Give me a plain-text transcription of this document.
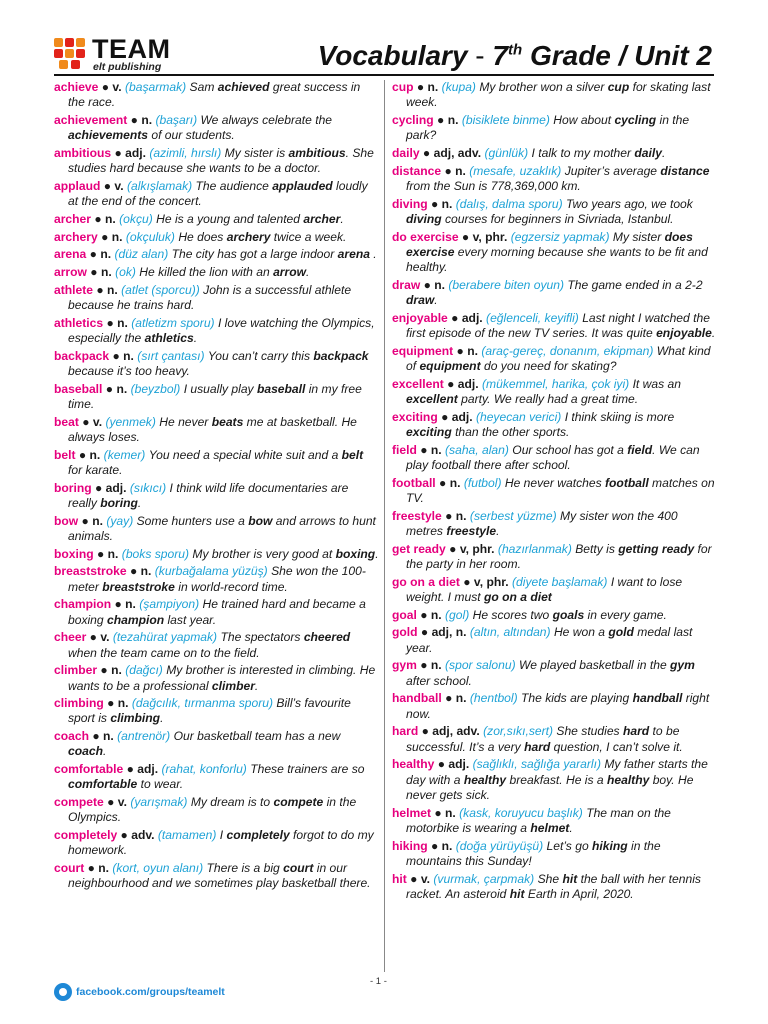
TEAM
elt publishing	Vocabulary - 7th Grade / Unit 2
achieve ● v. (başarmak) Sam achieved great success in the race.
achievement ● n. (başarı) We always celebrate the achievements of our students.
ambitious ● adj. (azimli, hırslı) My sister is ambitious. She studies hard because she wants to be a doctor.
applaud ● v. (alkışlamak) The audience applauded loudly at the end of the concert.
archer ● n. (okçu) He is a young and talented archer.
archery ● n. (okçuluk) He does archery twice a week.
arena ● n. (düz alan) The city has got a large indoor arena .
arrow ● n. (ok) He killed the lion with an arrow.
athlete ● n. (atlet (sporcu)) John is a successful athlete because he trains hard.
athletics ● n. (atletizm sporu) I love watching the Olympics, especially the athletics.
backpack ● n. (sırt çantası) You can’t carry this backpack because it’s too heavy.
baseball ● n. (beyzbol) I usually play baseball in my free time.
beat ● v. (yenmek) He never beats me at basketball. He always loses.
belt ● n. (kemer) You need a special white suit and a belt for karate.
boring ● adj. (sıkıcı) I think wild life documentaries are really boring.
bow ● n. (yay) Some hunters use a bow and arrows to hunt animals.
boxing ● n. (boks sporu) My brother is very good at boxing.
breaststroke ● n. (kurbağalama yüzüş) She won the 100-meter breaststroke in world-record time.
champion ● n. (şampiyon) He trained hard and became a boxing champion last year.
cheer ● v. (tezahürat yapmak) The spectators cheered when the team came on to the field.
climber ● n. (dağcı) My brother is interested in climbing. He wants to be a professional climber.
climbing ● n. (dağcılık, tırmanma sporu) Bill’s favourite sport is climbing.
coach ● n. (antrenör) Our basketball team has a new coach.
comfortable ● adj. (rahat, konforlu) These trainers are so comfortable to wear.
compete ● v. (yarışmak) My dream is to compete in the Olympics.
completely ● adv. (tamamen) I completely forgot to do my homework.
court ● n. (kort, oyun alanı) There is a big court in our neighbourhood and we sometimes play basketball there.
cup ● n. (kupa) My brother won a silver cup for skating last week.
cycling ● n. (bisiklete binme) How about cycling in the park?
daily ● adj, adv. (günlük) I talk to my mother daily.
distance ● n. (mesafe, uzaklık) Jupiter’s average distance from the Sun is 778,369,000 km.
diving ● n. (dalış, dalma sporu) Two years ago, we took diving courses for beginners in Sivriada, Istanbul.
do exercise ● v, phr. (egzersiz yapmak) My sister does exercise every morning because she wants to be fit and healthy.
draw ● n. (berabere biten oyun) The game ended in a 2-2 draw.
enjoyable ● adj. (eğlenceli, keyifli) Last night I watched the first episode of the new TV series. It was quite enjoyable.
equipment ● n. (araç-gereç, donanım, ekipman) What kind of equipment do you need for skating?
excellent ● adj. (mükemmel, harika, çok iyi) It was an excellent party. We really had a great time.
exciting ● adj. (heyecan verici) I think skiing is more exciting than the other sports.
field ● n. (saha, alan) Our school has got a field. We can play football there after school.
football ● n. (futbol) He never watches football matches on TV.
freestyle ● n. (serbest yüzme) My sister won the 400 metres freestyle.
get ready ● v, phr. (hazırlanmak) Betty is getting ready for the party in her room.
go on a diet ● v, phr. (diyete başlamak) I want to lose weight. I must go on a diet
goal ● n. (gol) He scores two goals in every game.
gold ● adj, n. (altın, altından) He won a gold medal last year.
gym ● n. (spor salonu) We played basketball in the gym after school.
handball ● n. (hentbol) The kids are playing handball right now.
hard ● adj, adv. (zor,sıkı,sert) She studies hard to be successful. It’s a very hard question, I can’t solve it.
healthy ● adj. (sağlıklı, sağlığa yararlı) My father starts the day with a healthy breakfast. He is a healthy boy. He never gets sick.
helmet ● n. (kask, koruyucu başlık) The man on the motorbike is wearing a helmet.
hiking ● n. (doğa yürüyüşü) Let’s go hiking in the mountains this Sunday!
hit ● v. (vurmak, çarpmak) She hit the ball with her tennis racket. An asteroid hit Earth in April, 2020.
- 1 -
facebook.com/groups/teamelt
